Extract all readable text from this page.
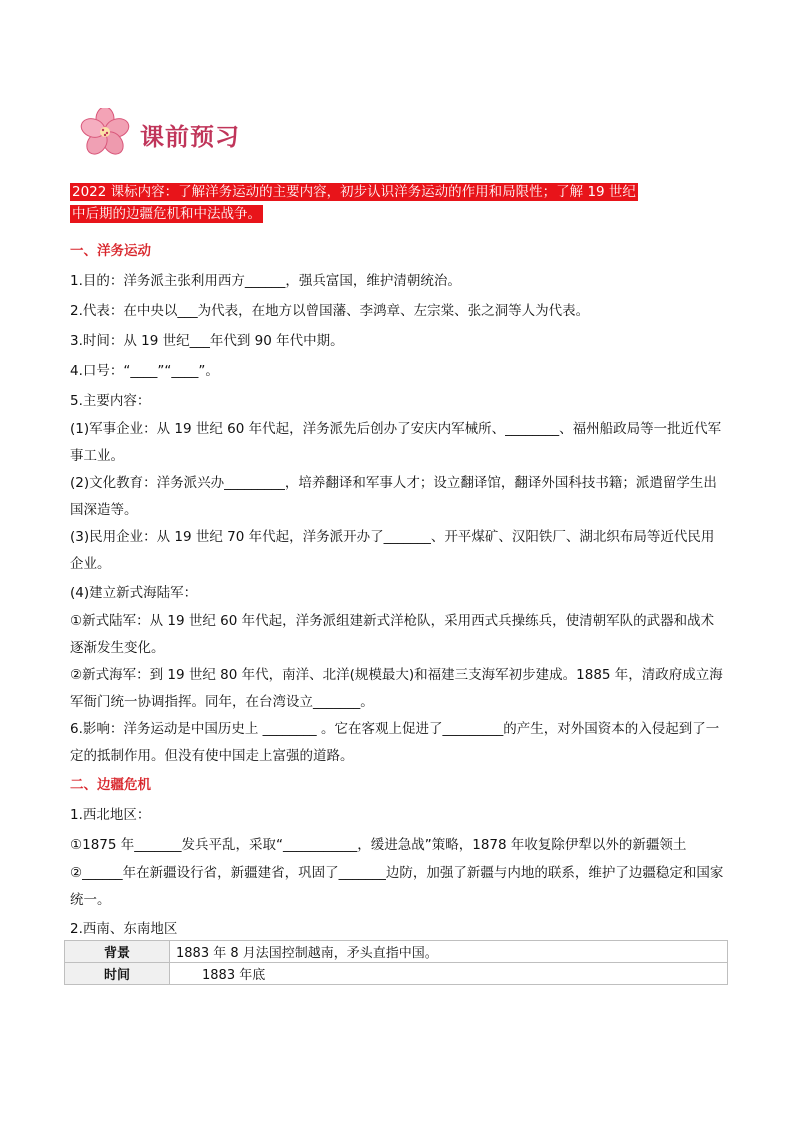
课前预习
2022 课标内容：了解洋务运动的主要内容，初步认识洋务运动的作用和局限性；了解 19 世纪
中后期的边疆危机和中法战争。
一、洋务运动
1.目的：洋务派主张利用西方______，强兵富国，维护清朝统治。
2.代表：在中央以___为代表，在地方以曾国藩、李鸿章、左宗棠、张之洞等人为代表。
3.时间：从 19 世纪___年代到 90 年代中期。
4.口号：“____”“____”。
5.主要内容：
(1)军事企业：从 19 世纪 60 年代起，洋务派先后创办了安庆内军械所、________、福州船政局等一批近代军事工业。
(2)文化教育：洋务派兴办_________，培养翻译和军事人才；设立翻译馆，翻译外国科技书籍；派遣留学生出国深造等。
(3)民用企业：从 19 世纪 70 年代起，洋务派开办了_______、开平煤矿、汉阳铁厂、湖北织布局等近代民用企业。
(4)建立新式海陆军：
①新式陆军：从 19 世纪 60 年代起，洋务派组建新式洋枪队，采用西式兵操练兵，使清朝军队的武器和战术逐渐发生变化。
②新式海军：到 19 世纪 80 年代，南洋、北洋(规模最大)和福建三支海军初步建成。1885 年，清政府成立海军衙门统一协调指挥。同年，在台湾设立_______。
6.影响：洋务运动是中国历史上 ________ 。它在客观上促进了_________的产生，对外国资本的入侵起到了一定的抵制作用。但没有使中国走上富强的道路。
二、边疆危机
1.西北地区：
①1875 年_______发兵平乱，采取“___________，缓进急战”策略，1878 年收复除伊犁以外的新疆领土
②______年在新疆设行省，新疆建省，巩固了_______边防，加强了新疆与内地的联系，维护了边疆稳定和国家统一。
2.西南、东南地区
背景	1883 年 8 月法国控制越南，矛头直指中国。
时间	1883 年底
